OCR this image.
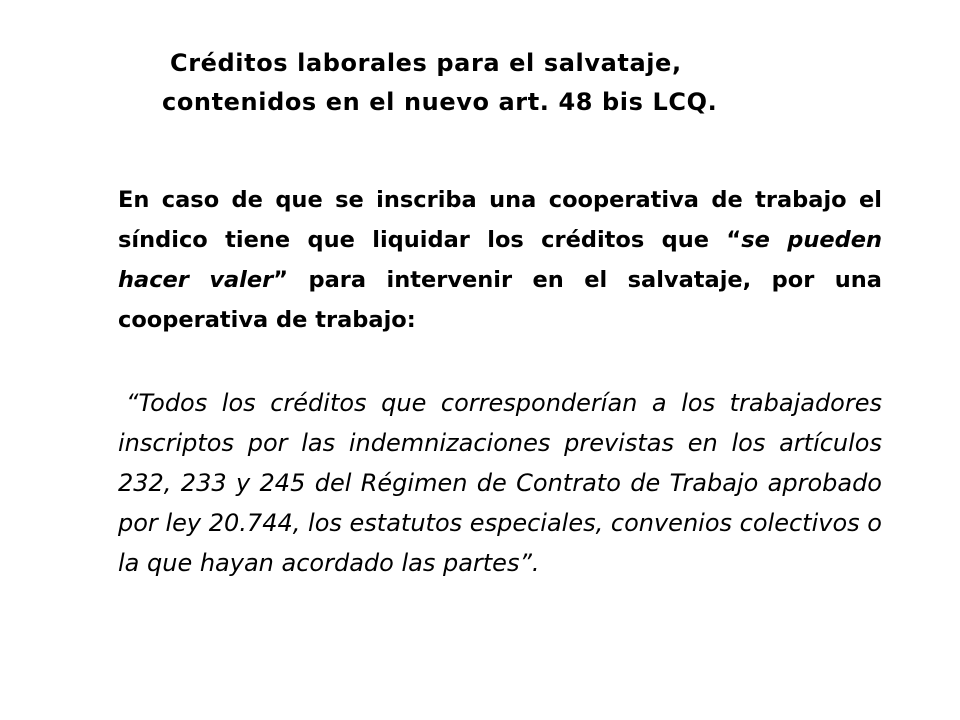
Créditos laborales para el salvataje,
contenidos en el nuevo art. 48 bis LCQ.
En caso de que se inscriba una cooperativa de trabajo el síndico tiene que liquidar los créditos que “se pueden hacer valer” para intervenir en el salvataje, por una cooperativa de trabajo:
“Todos los créditos que corresponderían a los trabajadores inscriptos por las indemnizaciones previstas en los artículos 232, 233 y 245 del Régimen de Contrato de Trabajo aprobado por ley 20.744, los estatutos especiales, convenios colectivos o la que hayan acordado las partes”.
